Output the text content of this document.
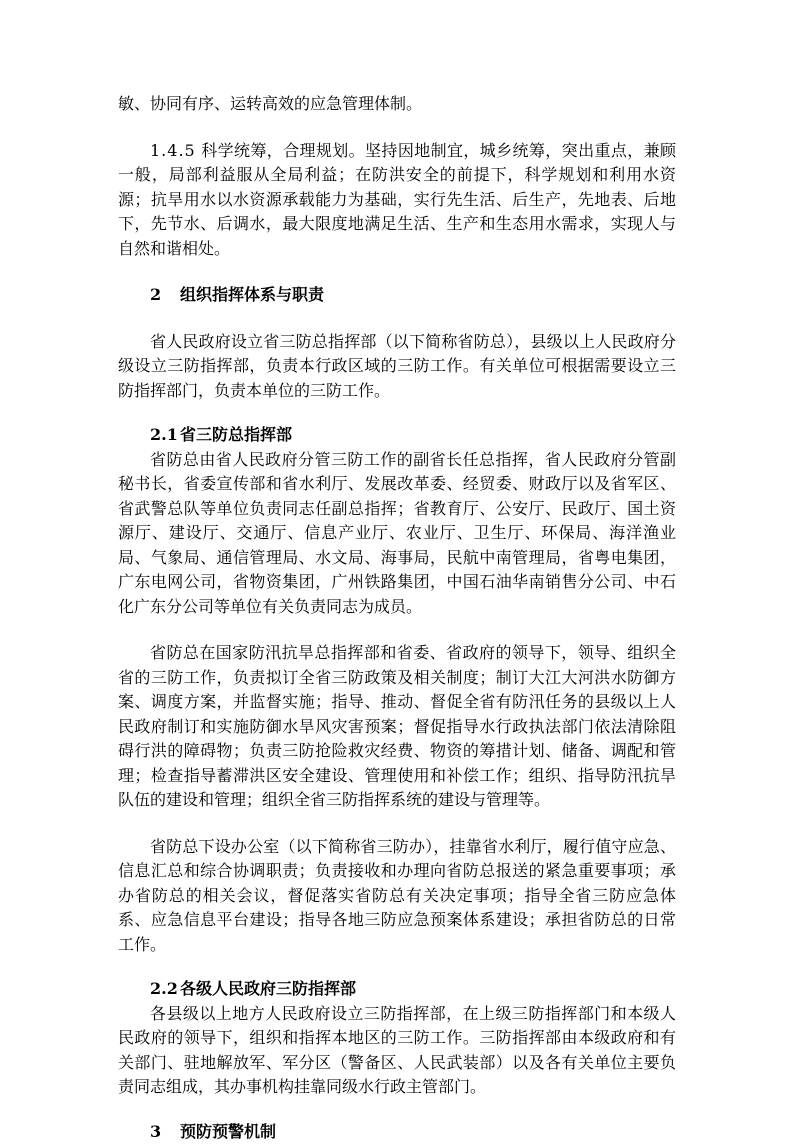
敏、协同有序、运转高效的应急管理体制。

1.4.5 科学统筹，合理规划。坚持因地制宜，城乡统筹，突出重点，兼顾一般，局部利益服从全局利益；在防洪安全的前提下，科学规划和利用水资源；抗旱用水以水资源承载能力为基础，实行先生活、后生产，先地表、后地下，先节水、后调水，最大限度地满足生活、生产和生态用水需求，实现人与自然和谐相处。

2 组织指挥体系与职责

省人民政府设立省三防总指挥部（以下简称省防总），县级以上人民政府分级设立三防指挥部，负责本行政区域的三防工作。有关单位可根据需要设立三防指挥部门，负责本单位的三防工作。

2.1 省三防总指挥部

省防总由省人民政府分管三防工作的副省长任总指挥，省人民政府分管副秘书长，省委宣传部和省水利厅、发展改革委、经贸委、财政厅以及省军区、省武警总队等单位负责同志任副总指挥；省教育厅、公安厅、民政厅、国土资源厅、建设厅、交通厅、信息产业厅、农业厅、卫生厅、环保局、海洋渔业局、气象局、通信管理局、水文局、海事局，民航中南管理局，省粤电集团，广东电网公司，省物资集团，广州铁路集团，中国石油华南销售分公司、中石化广东分公司等单位有关负责同志为成员。

省防总在国家防汛抗旱总指挥部和省委、省政府的领导下，领导、组织全省的三防工作，负责拟订全省三防政策及相关制度；制订大江大河洪水防御方案、调度方案，并监督实施；指导、推动、督促全省有防汛任务的县级以上人民政府制订和实施防御水旱风灾害预案；督促指导水行政执法部门依法清除阻碍行洪的障碍物；负责三防抢险救灾经费、物资的筹措计划、储备、调配和管理；检查指导蓄滞洪区安全建设、管理使用和补偿工作；组织、指导防汛抗旱队伍的建设和管理；组织全省三防指挥系统的建设与管理等。

省防总下设办公室（以下简称省三防办），挂靠省水利厅，履行值守应急、信息汇总和综合协调职责；负责接收和办理向省防总报送的紧急重要事项；承办省防总的相关会议，督促落实省防总有关决定事项；指导全省三防应急体系、应急信息平台建设；指导各地三防应急预案体系建设；承担省防总的日常工作。

2.2 各级人民政府三防指挥部

各县级以上地方人民政府设立三防指挥部，在上级三防指挥部门和本级人民政府的领导下，组织和指挥本地区的三防工作。三防指挥部由本级政府和有关部门、驻地解放军、军分区（警备区、人民武装部）以及各有关单位主要负责同志组成，其办事机构挂靠同级水行政主管部门。

3 预防预警机制
